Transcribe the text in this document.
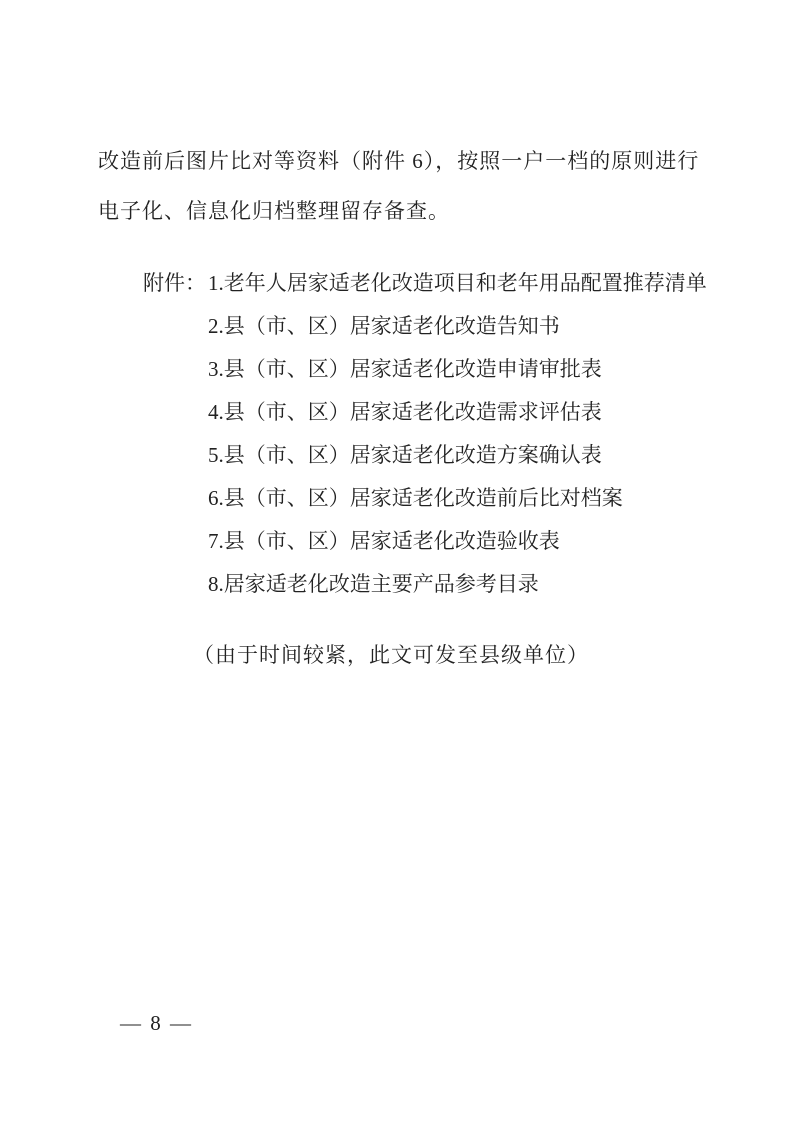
改造前后图片比对等资料（附件 6），按照一户一档的原则进行
电子化、信息化归档整理留存备查。
附件： 1.老年人居家适老化改造项目和老年用品配置推荐清单
2.县（市、区）居家适老化改造告知书
3.县（市、区）居家适老化改造申请审批表
4.县（市、区）居家适老化改造需求评估表
5.县（市、区）居家适老化改造方案确认表
6.县（市、区）居家适老化改造前后比对档案
7.县（市、区）居家适老化改造验收表
8.居家适老化改造主要产品参考目录
（由于时间较紧，此文可发至县级单位）
— 8 —
